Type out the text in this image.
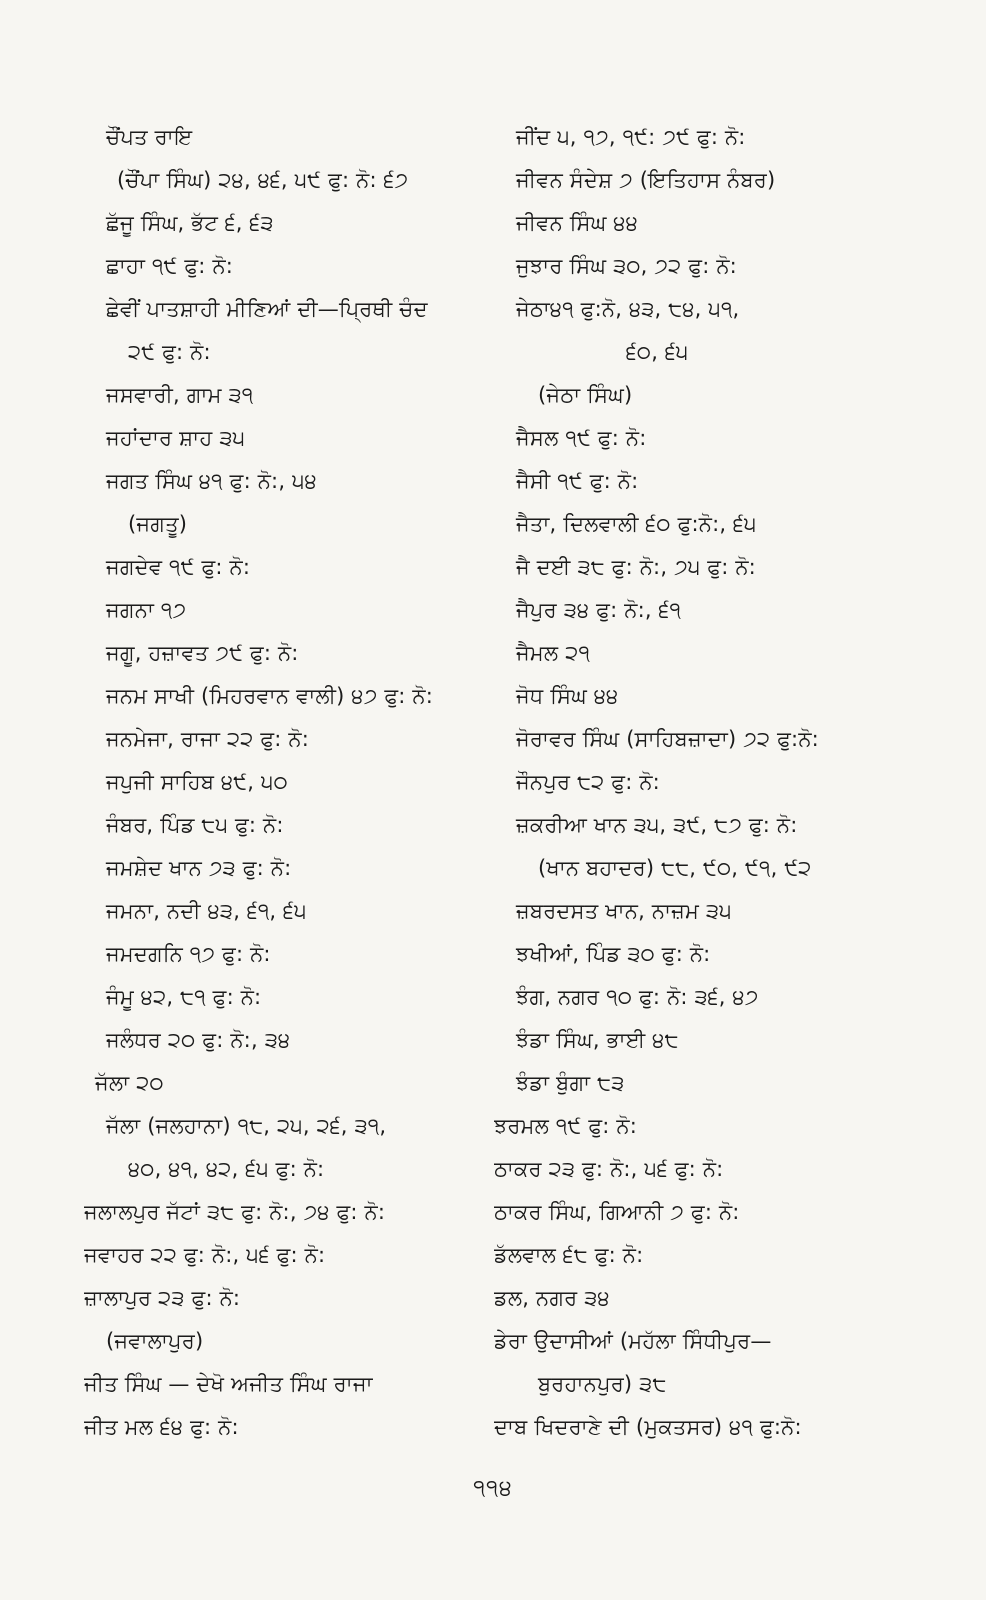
ਚੌਂਪਤ ਰਾਇ
(ਚੌਂਪਾ ਸਿੰਘ) ੨੪, ੪੬, ੫੯ ਫੁ: ਨੋ: ੬੭
ਛੱਜੂ ਸਿੰਘ, ਭੱਟ ੬, ੬੩
ਛਾਹਾ ੧੯ ਫੁ: ਨੋ:
ਛੇਵੀਂ ਪਾਤਸ਼ਾਹੀ ਮੀਣਿਆਂ ਦੀ—ਪ੍ਰਿਥੀ ਚੰਦ
੨੯ ਫੁ: ਨੋ:
ਜਸਵਾਰੀ, ਗਾਮ ੩੧
ਜਹਾਂਦਾਰ ਸ਼ਾਹ ੩੫
ਜਗਤ ਸਿੰਘ ੪੧ ਫੁ: ਨੋ:, ੫੪
(ਜਗਤੂ)
ਜਗਦੇਵ ੧੯ ਫੁ: ਨੋ:
ਜਗਨਾ ੧੭
ਜਗੂ, ਹਜ਼ਾਵਤ ੭੯ ਫੁ: ਨੋ:
ਜਨਮ ਸਾਖੀ (ਮਿਹਰਵਾਨ ਵਾਲੀ) ੪੭ ਫੁ: ਨੋ:
ਜਨਮੇਜਾ, ਰਾਜਾ ੨੨ ਫੁ: ਨੋ:
ਜਪੁਜੀ ਸਾਹਿਬ ੪੯, ੫੦
ਜੰਬਰ, ਪਿੰਡ ੮੫ ਫੁ: ਨੋ:
ਜਮਸ਼ੇਦ ਖਾਨ ੭੩ ਫੁ: ਨੋ:
ਜਮਨਾ, ਨਦੀ ੪੩, ੬੧, ੬੫
ਜਮਦਗਨਿ ੧੭ ਫੁ: ਨੋ:
ਜੰਮੂ ੪੨, ੮੧ ਫੁ: ਨੋ:
ਜਲੰਧਰ ੨੦ ਫੁ: ਨੋ:, ੩੪
ਜੱਲਾ ੨੦
ਜੱਲਾ (ਜਲਹਾਨਾ) ੧੮, ੨੫, ੨੬, ੩੧,
੪੦, ੪੧, ੪੨, ੬੫ ਫੁ: ਨੋ:
ਜਲਾਲਪੁਰ ਜੱਟਾਂ ੩੮ ਫੁ: ਨੋ:, ੭੪ ਫੁ: ਨੋ:
ਜਵਾਹਰ ੨੨ ਫੁ: ਨੋ:, ੫੬ ਫੁ: ਨੋ:
ਜ਼ਾਲਾਪੁਰ ੨੩ ਫੁ: ਨੋ:
(ਜਵਾਲਾਪੁਰ)
ਜੀਤ ਸਿੰਘ — ਦੇਖੋ ਅਜੀਤ ਸਿੰਘ ਰਾਜਾ
ਜੀਤ ਮਲ ੬੪ ਫੁ: ਨੋ:
ਜੀਂਦ ੫, ੧੭, ੧੯: ੭੯ ਫੁ: ਨੋ:
ਜੀਵਨ ਸੰਦੇਸ਼ ੭ (ਇਤਿਹਾਸ ਨੰਬਰ)
ਜੀਵਨ ਸਿੰਘ ੪੪
ਜੁਝਾਰ ਸਿੰਘ ੩੦, ੭੨ ਫੁ: ਨੋ:
ਜੇਠਾ੪੧ ਫੁ:ਨੋ, ੪੩, ੮੪, ੫੧,
੬੦, ੬੫
(ਜੇਠਾ ਸਿੰਘ)
ਜੈਸਲ ੧੯ ਫੁ: ਨੋ:
ਜੈਸੀ ੧੯ ਫੁ: ਨੋ:
ਜੈਤਾ, ਦਿਲਵਾਲੀ ੬੦ ਫੁ:ਨੋ:, ੬੫
ਜੈ ਦਈ ੩੮ ਫੁ: ਨੋ:, ੭੫ ਫੁ: ਨੋ:
ਜੈਪੁਰ ੩੪ ਫੁ: ਨੋ:, ੬੧
ਜੈਮਲ ੨੧
ਜੋਧ ਸਿੰਘ ੪੪
ਜੋਰਾਵਰ ਸਿੰਘ (ਸਾਹਿਬਜ਼ਾਦਾ) ੭੨ ਫੁ:ਨੋ:
ਜੌਨਪੁਰ ੮੨ ਫੁ: ਨੋ:
ਜ਼ਕਰੀਆ ਖਾਨ ੩੫, ੩੯, ੮੭ ਫੁ: ਨੋ:
(ਖਾਨ ਬਹਾਦਰ) ੮੮, ੯੦, ੯੧, ੯੨
ਜ਼ਬਰਦਸਤ ਖਾਨ, ਨਾਜ਼ਮ ੩੫
ਝਖੀਆਂ, ਪਿੰਡ ੩੦ ਫੁ: ਨੋ:
ਝੰਗ, ਨਗਰ ੧੦ ਫੁ: ਨੋ: ੩੬, ੪੭
ਝੰਡਾ ਸਿੰਘ, ਭਾਈ ੪੮
ਝੰਡਾ ਬੁੰਗਾ ੮੩
ਝਰਮਲ ੧੯ ਫੁ: ਨੋ:
ਠਾਕਰ ੨੩ ਫੁ: ਨੋ:, ੫੬ ਫੁ: ਨੋ:
ਠਾਕਰ ਸਿੰਘ, ਗਿਆਨੀ ੭ ਫੁ: ਨੋ:
ਡੱਲਵਾਲ ੬੮ ਫੁ: ਨੋ:
ਡਲ, ਨਗਰ ੩੪
ਡੇਰਾ ਉਦਾਸੀਆਂ (ਮਹੱਲਾ ਸਿੰਧੀਪੁਰ—
ਬੁਰਹਾਨਪੁਰ) ੩੮
ਦਾਬ ਖਿਦਰਾਣੇ ਦੀ (ਮੁਕਤਸਰ) ੪੧ ਫੁ:ਨੋ:
੧੧੪
